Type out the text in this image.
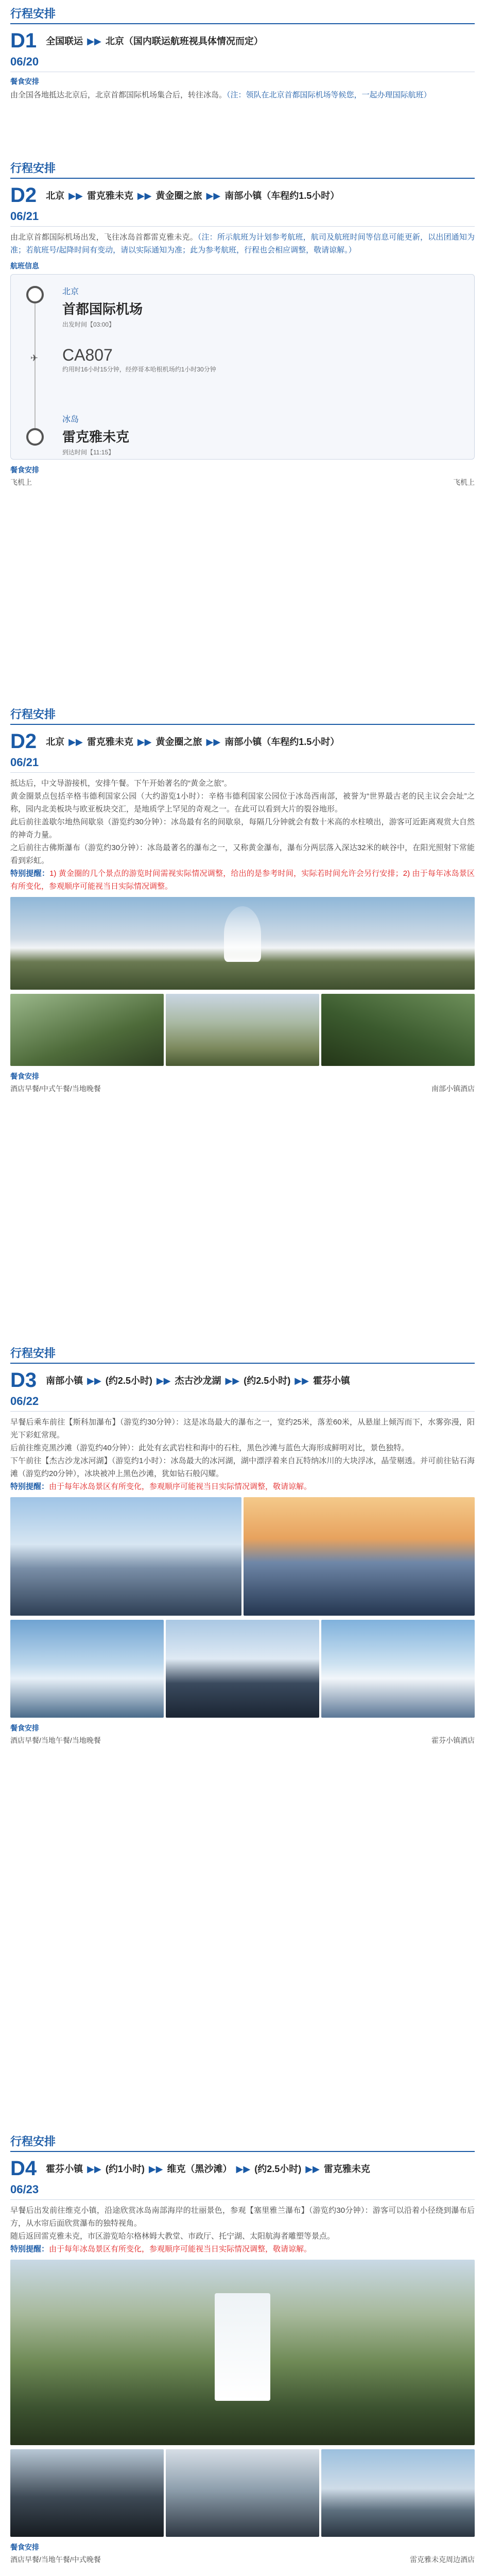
行程安排
D1 全国联运 ▶▶ 北京（国内联运航班视具体情况而定）
06/20
餐食安排
由全国各地抵达北京后，北京首都国际机场集合后，转往冰岛。（注：领队在北京首都国际机场等候您，一起办理国际航班）
行程安排
D2 北京 ▶▶ 雷克雅未克 ▶▶ 黄金圈之旅 ▶▶ 南部小镇（车程约1.5小时）
06/21
由北京首都国际机场出发，飞往冰岛首都雷克雅未克。（注：所示航班为计划参考航班，航司及航班时间等信息可能更新，以出团通知为准；若航班号/起降时间有变动，请以实际通知为准；此为参考航班，行程也会相应调整，敬请谅解。）
航班信息
✈
北京
首都国际机场
出发时间【03:00】
CA807
约用时16小时15分钟，经停哥本哈根机场约1小时30分钟
冰岛
雷克雅未克
到达时间【11:15】
餐食安排
飞机上	飞机上
行程安排
D2 北京 ▶▶ 雷克雅未克 ▶▶ 黄金圈之旅 ▶▶ 南部小镇（车程约1.5小时）
06/21
抵达后，中文导游接机，安排午餐。下午开始著名的“黄金之旅”。
黄金圈景点包括辛格韦德利国家公园（大约游览1小时）：辛格韦德利国家公园位于冰岛西南部，被誉为“世界最古老的民主议会会址”之称，园内北美板块与欧亚板块交汇，是地质学上罕见的奇观之一。在此可以看到大片的裂谷地形。
此后前往盖歇尔地热间歇泉（游览约30分钟）：冰岛最有名的间歇泉，每隔几分钟就会有数十米高的水柱喷出，游客可近距离观赏大自然的神奇力量。
之后前往古佛斯瀑布（游览约30分钟）：冰岛最著名的瀑布之一，又称黄金瀑布，瀑布分两层落入深达32米的峡谷中，在阳光照射下常能看到彩虹。
特别提醒：1) 黄金圈的几个景点的游览时间需视实际情况调整，给出的是参考时间，实际若时间允许会另行安排；2) 由于每年冰岛景区有所变化，参观顺序可能视当日实际情况调整。
餐食安排
酒店早餐/中式午餐/当地晚餐	南部小镇酒店
行程安排
D3 南部小镇 ▶▶ (约2.5小时) ▶▶ 杰古沙龙湖 ▶▶ (约2.5小时) ▶▶ 霍芬小镇
06/22
早餐后乘车前往【斯科加瀑布】（游览约30分钟）：这是冰岛最大的瀑布之一，宽约25米，落差60米，从悬崖上倾泻而下，水雾弥漫，阳光下彩虹常现。
后前往维克黑沙滩（游览约40分钟）：此处有玄武岩柱和海中的石柱，黑色沙滩与蓝色大海形成鲜明对比，景色独特。
下午前往【杰古沙龙冰河湖】（游览约1小时）：冰岛最大的冰河湖，湖中漂浮着来自瓦特纳冰川的大块浮冰，晶莹剔透。并可前往钻石海滩（游览约20分钟），冰块被冲上黑色沙滩，犹如钻石般闪耀。
特别提醒：由于每年冰岛景区有所变化，参观顺序可能视当日实际情况调整，敬请谅解。
餐食安排
酒店早餐/当地午餐/当地晚餐	霍芬小镇酒店
行程安排
D4 霍芬小镇 ▶▶ (约1小时) ▶▶ 维克（黑沙滩） ▶▶ (约2.5小时) ▶▶ 雷克雅未克
06/23
早餐后出发前往维克小镇，沿途欣赏冰岛南部海岸的壮丽景色，参观【塞里雅兰瀑布】（游览约30分钟）：游客可以沿着小径绕到瀑布后方，从水帘后面欣赏瀑布的独特视角。
随后返回雷克雅未克，市区游览哈尔格林姆大教堂、市政厅、托宁湖、太阳航海者雕塑等景点。
特别提醒：由于每年冰岛景区有所变化，参观顺序可能视当日实际情况调整，敬请谅解。
餐食安排
酒店早餐/当地午餐/中式晚餐	雷克雅未克周边酒店
